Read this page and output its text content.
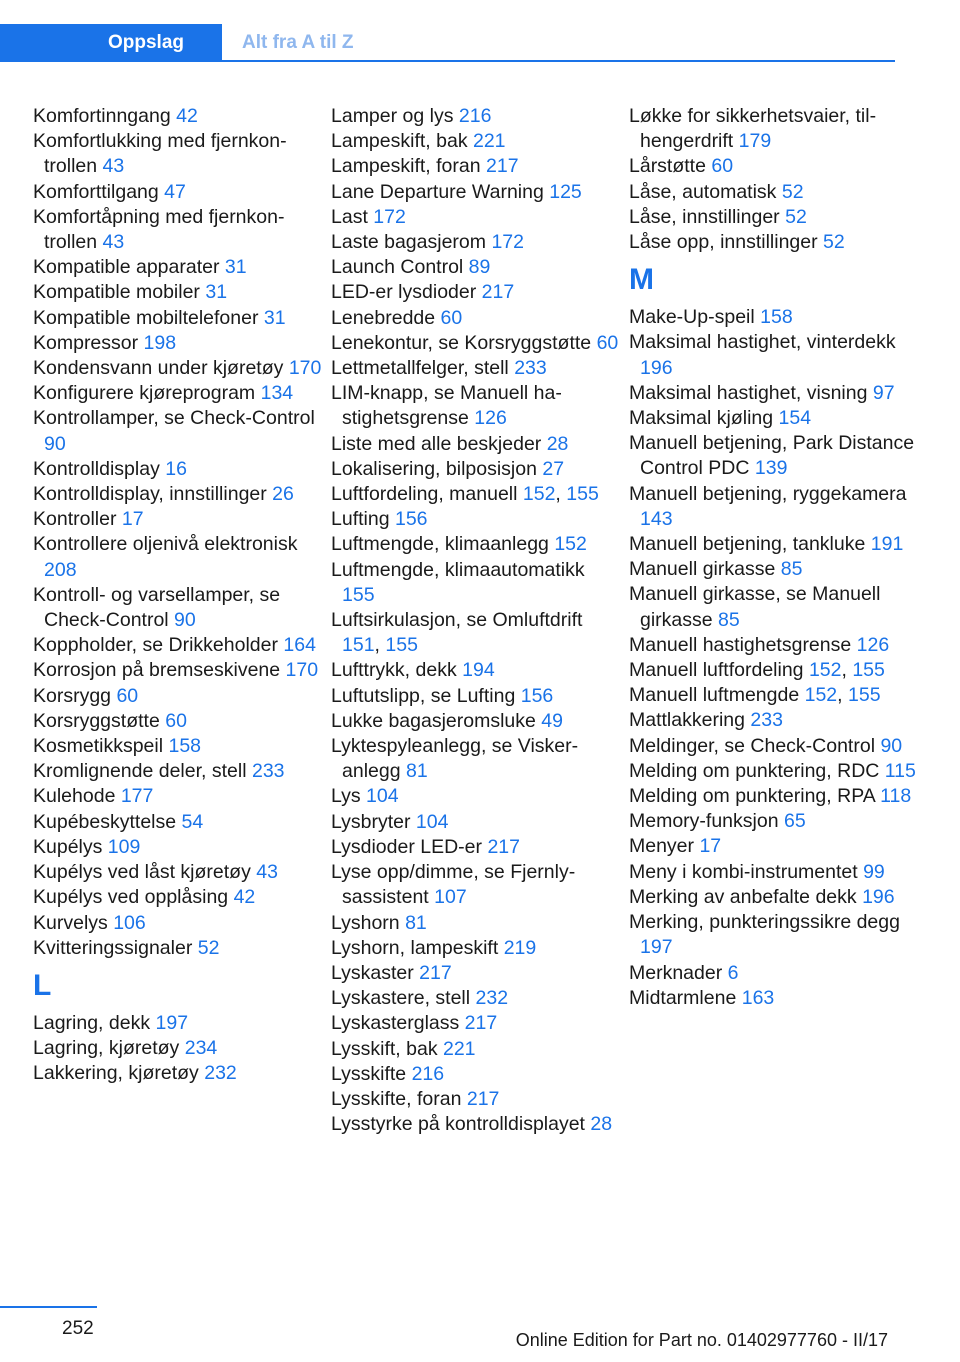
Oppslag	Alt fra A til Z
Komfortinngang 42
Komfortlukking med fjernkontrollen 43
Komforttilgang 47
Komfortåpning med fjernkontrollen 43
Kompatible apparater 31
Kompatible mobiler 31
Kompatible mobiltelefoner 31
Kompressor 198
Kondensvann under kjøretøy 170
Konfigurere kjøreprogram 134
Kontrollamper, se Check-Control 90
Kontrolldisplay 16
Kontrolldisplay, innstillinger 26
Kontroller 17
Kontrollere oljenivå elektronisk 208
Kontroll- og varsellamper, se Check-Control 90
Koppholder, se Drikkeholder 164
Korrosjon på bremseskivene 170
Korsrygg 60
Korsryggstøtte 60
Kosmetikkspeil 158
Kromlignende deler, stell 233
Kulehode 177
Kupébeskyttelse 54
Kupélys 109
Kupélys ved låst kjøretøy 43
Kupélys ved opplåsing 42
Kurvelys 106
Kvitteringssignaler 52
L
Lagring, dekk 197
Lagring, kjøretøy 234
Lakkering, kjøretøy 232
Lamper og lys 216
Lampeskift, bak 221
Lampeskift, foran 217
Lane Departure Warning 125
Last 172
Laste bagasjerom 172
Launch Control 89
LED-er lysdioder 217
Lenebredde 60
Lenekontur, se Korsryggstøtte 60
Lettmetallfelger, stell 233
LIM-knapp, se Manuell hastighetsgrense 126
Liste med alle beskjeder 28
Lokalisering, bilposisjon 27
Luftfordeling, manuell 152, 155
Lufting 156
Luftmengde, klimaanlegg 152
Luftmengde, klimaautomatikk 155
Luftsirkulasjon, se Omluftdrift 151, 155
Lufttrykk, dekk 194
Luftutslipp, se Lufting 156
Lukke bagasjeromsluke 49
Lyktespyleanlegg, se Viskeranlegg 81
Lys 104
Lysbryter 104
Lysdioder LED-er 217
Lyse opp/dimme, se Fjernlysassistent 107
Lyshorn 81
Lyshorn, lampeskift 219
Lyskaster 217
Lyskastere, stell 232
Lyskasterglass 217
Lysskift, bak 221
Lysskifte 216
Lysskifte, foran 217
Lysstyrke på kontrolldisplayet 28
Løkke for sikkerhetsvaier, tilhengerdrift 179
Lårstøtte 60
Låse, automatisk 52
Låse, innstillinger 52
Låse opp, innstillinger 52
M
Make-Up-speil 158
Maksimal hastighet, vinterdekk 196
Maksimal hastighet, visning 97
Maksimal kjøling 154
Manuell betjening, Park Distance Control PDC 139
Manuell betjening, ryggekamera 143
Manuell betjening, tankluke 191
Manuell girkasse 85
Manuell girkasse, se Manuell girkasse 85
Manuell hastighetsgrense 126
Manuell luftfordeling 152, 155
Manuell luftmengde 152, 155
Mattlakkering 233
Meldinger, se Check-Control 90
Melding om punktering, RDC 115
Melding om punktering, RPA 118
Memory-funksjon 65
Menyer 17
Meny i kombi-instrumentet 99
Merking av anbefalte dekk 196
Merking, punkteringssikre degg 197
Merknader 6
Midtarmlene 163
252
Online Edition for Part no. 01402977760 - II/17
